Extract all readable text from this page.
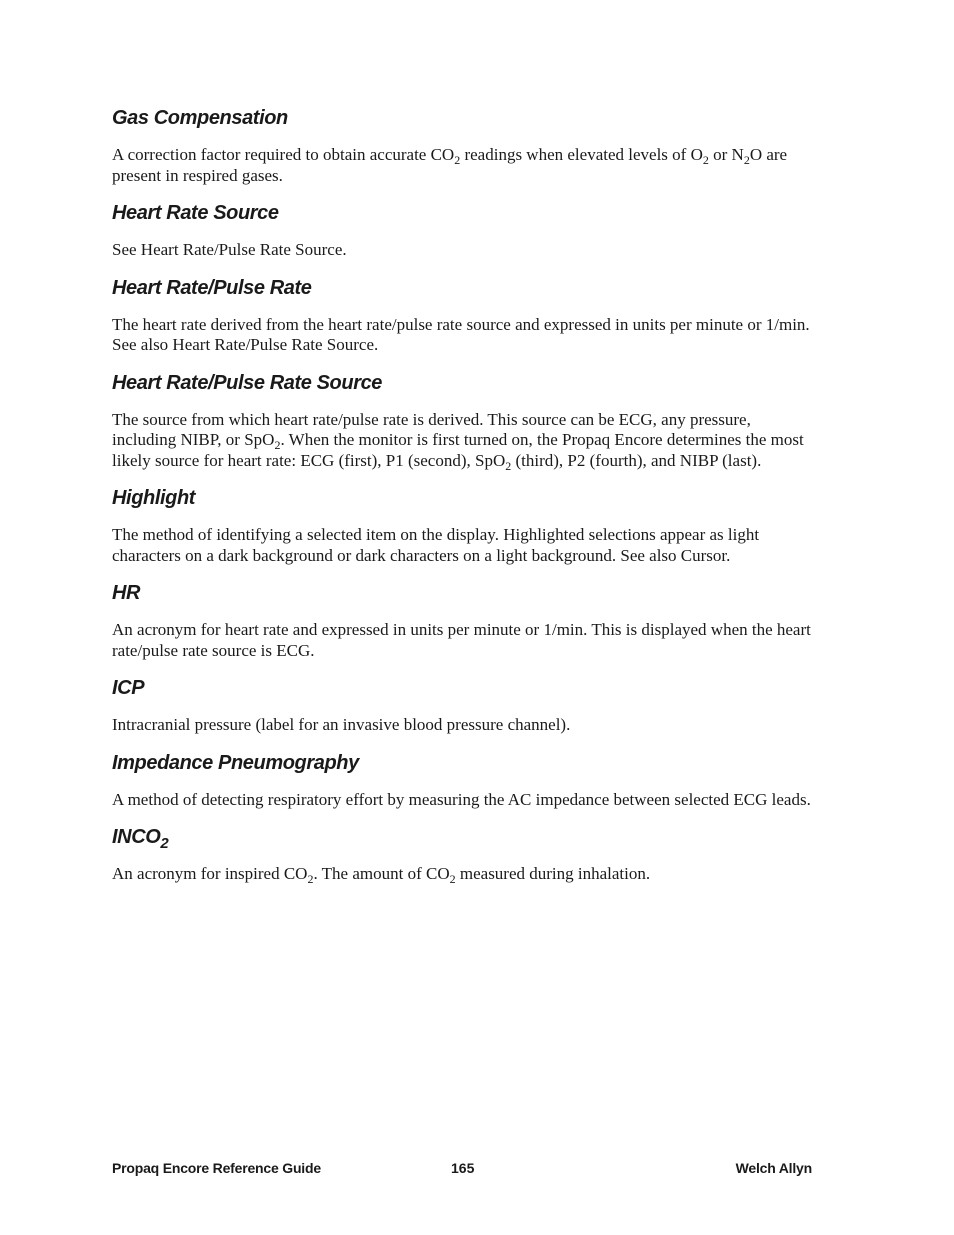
Gas Compensation

A correction factor required to obtain accurate $CO_2$ readings when elevated levels of $O_2$ or $N_2O$ are present in respired gases.

Heart Rate Source

See Heart Rate/Pulse Rate Source.

Heart Rate/Pulse Rate

The heart rate derived from the heart rate/pulse rate source and expressed in units per minute or 1/min. See also Heart Rate/Pulse Rate Source.

Heart Rate/Pulse Rate Source

The source from which heart rate/pulse rate is derived. This source can be ECG, any pressure, including NIBP, or SpO$_2$. When the monitor is first turned on, the Propaq Encore determines the most likely source for heart rate: ECG (first), P1 (second), SpO$_2$ (third), P2 (fourth), and NIBP (last).

Highlight

The method of identifying a selected item on the display. Highlighted selections appear as light characters on a dark background or dark characters on a light background. See also Cursor.

HR

An acronym for heart rate and expressed in units per minute or 1/min. This is displayed when the heart rate/pulse rate source is ECG.

ICP

Intracranial pressure (label for an invasive blood pressure channel).

Impedance Pneumography

A method of detecting respiratory effort by measuring the AC impedance between selected ECG leads.

$INCO_2$

An acronym for inspired $CO_2$. The amount of $CO_2$ measured during inhalation.

Propaq Encore Reference Guide	165	Welch Allyn
